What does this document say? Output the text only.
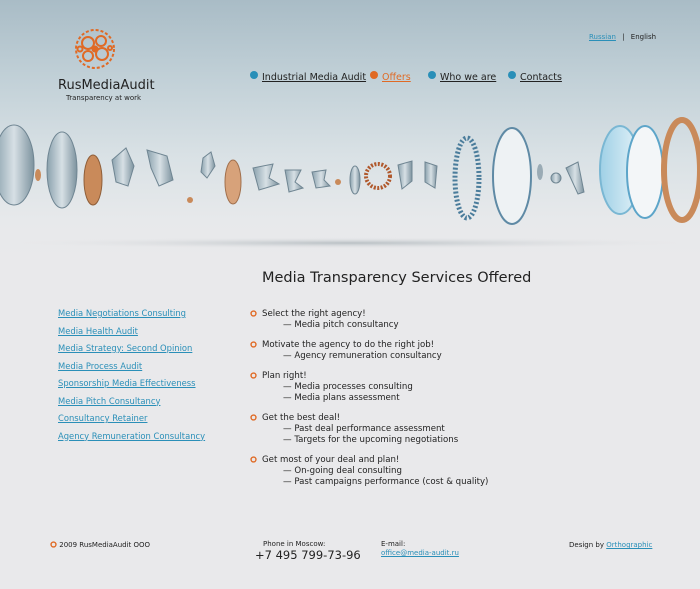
RusMediaAudit
Transparency at work
Russian | English
Industrial Media Audit Offers	Who we are	Contacts
Media Transparency Services Offered
Media Negotiations Consulting
Media Health Audit
Media Strategy: Second Opinion
Media Process Audit
Sponsorship Media Effectiveness
Media Pitch Consultancy
Consultancy Retainer
Agency Remuneration Consultancy
Select the right agency!
— Media pitch consultancy
Motivate the agency to do the right job!
— Agency remuneration consultancy
Plan right!
— Media processes consulting
— Media plans assessment
Get the best deal!
— Past deal performance assessment
— Targets for the upcoming negotiations
Get most of your deal and plan!
— On-going deal consulting
— Past campaigns performance (cost & quality)
2009 RusMediaAudit OOO	Phone in Moscow:
+7 495 799-73-96
E-mail:
office@media-audit.ru
Design by Orthographic
